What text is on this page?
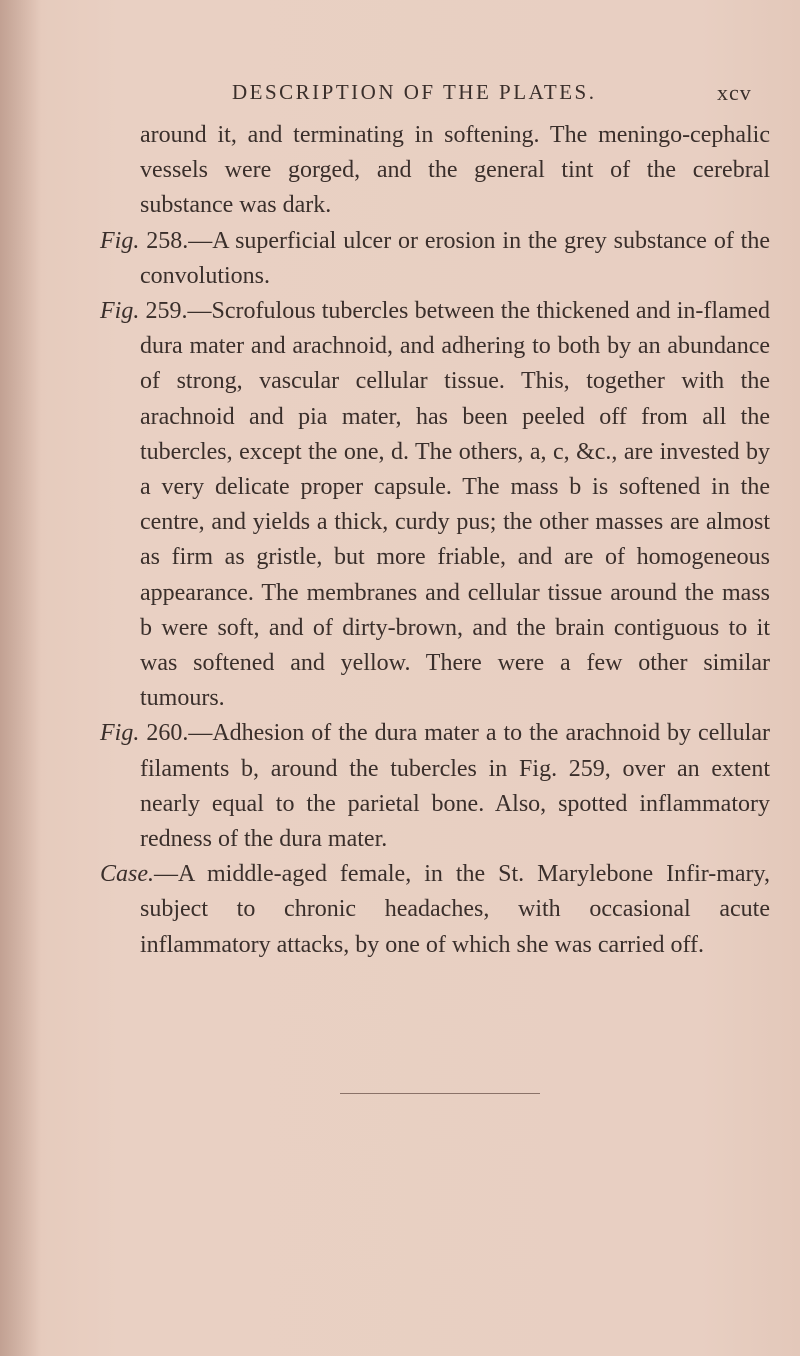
DESCRIPTION OF THE PLATES.	xcv

around it, and terminating in softening. The meningo-cephalic vessels were gorged, and the general tint of the cerebral substance was dark.

Fig. 258.—A superficial ulcer or erosion in the grey substance of the convolutions.

Fig. 259.—Scrofulous tubercles between the thickened and in-flamed dura mater and arachnoid, and adhering to both by an abundance of strong, vascular cellular tissue. This, together with the arachnoid and pia mater, has been peeled off from all the tubercles, except the one, d. The others, a, c, &c., are invested by a very delicate proper capsule. The mass b is softened in the centre, and yields a thick, curdy pus; the other masses are almost as firm as gristle, but more friable, and are of homogeneous appearance. The membranes and cellular tissue around the mass b were soft, and of dirty-brown, and the brain contiguous to it was softened and yellow. There were a few other similar tumours.

Fig. 260.—Adhesion of the dura mater a to the arachnoid by cellular filaments b, around the tubercles in Fig. 259, over an extent nearly equal to the parietal bone. Also, spotted inflammatory redness of the dura mater.

Case.—A middle-aged female, in the St. Marylebone Infir-mary, subject to chronic headaches, with occasional acute inflammatory attacks, by one of which she was carried off.
